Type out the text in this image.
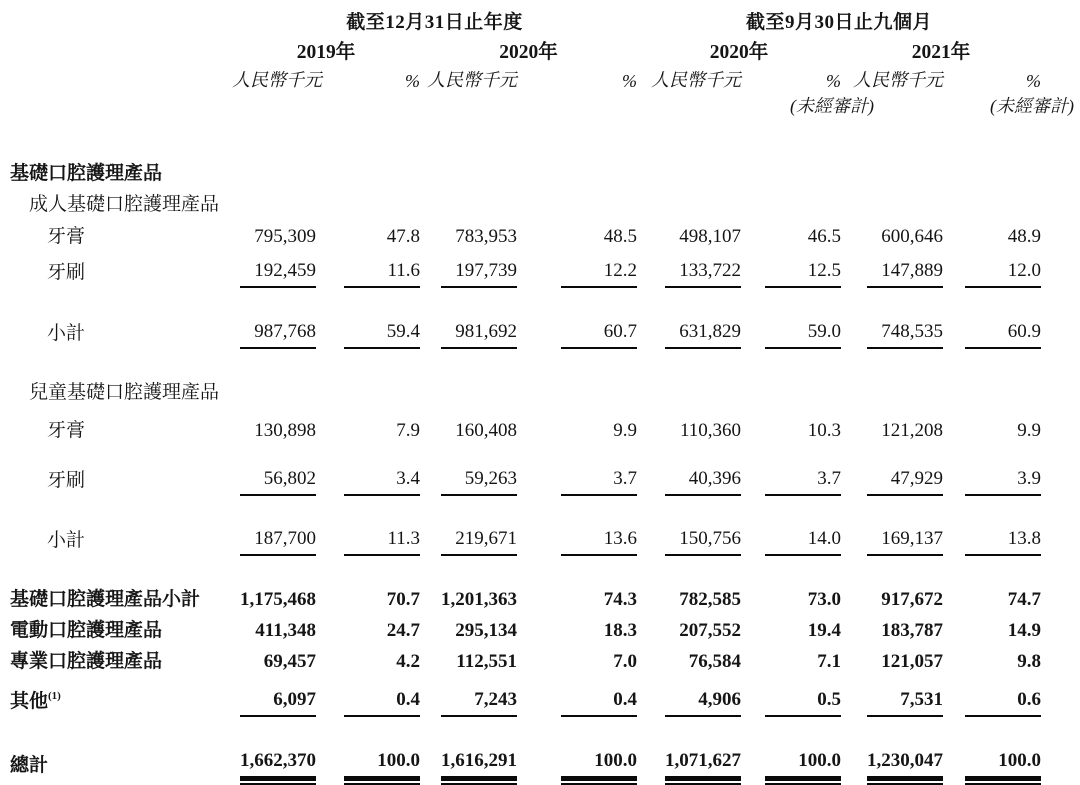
	截至12月31日止年度				截至9月30日止九個月				
	2019年		2020年		2020年		2021年		
	人民幣千元	%	人民幣千元	%	人民幣千元	%	人民幣千元	%	
					(未經審計)		(未經審計)		

基礎口腔護理產品									
成人基礎口腔護理產品									
牙膏	795,309	47.8	783,953	48.5	498,107	46.5	600,646	48.9	
牙刷	192,459	11.6	197,739	12.2	133,722	12.5	147,889	12.0	

小計	987,768	59.4	981,692	60.7	631,829	59.0	748,535	60.9	

兒童基礎口腔護理產品									
牙膏	130,898	7.9	160,408	9.9	110,360	10.3	121,208	9.9	
牙刷	56,802	3.4	59,263	3.7	40,396	3.7	47,929	3.9	

小計	187,700	11.3	219,671	13.6	150,756	14.0	169,137	13.8	

基礎口腔護理產品小計	1,175,468	70.7	1,201,363	74.3	782,585	73.0	917,672	74.7	
電動口腔護理產品	411,348	24.7	295,134	18.3	207,552	19.4	183,787	14.9	
專業口腔護理產品	69,457	4.2	112,551	7.0	76,584	7.1	121,057	9.8	
其他$^{(1)}$	6,097	0.4	7,243	0.4	4,906	0.5	7,531	0.6	

總計	1,662,370	100.0	1,616,291	100.0	1,071,627	100.0	1,230,047	100.0	
